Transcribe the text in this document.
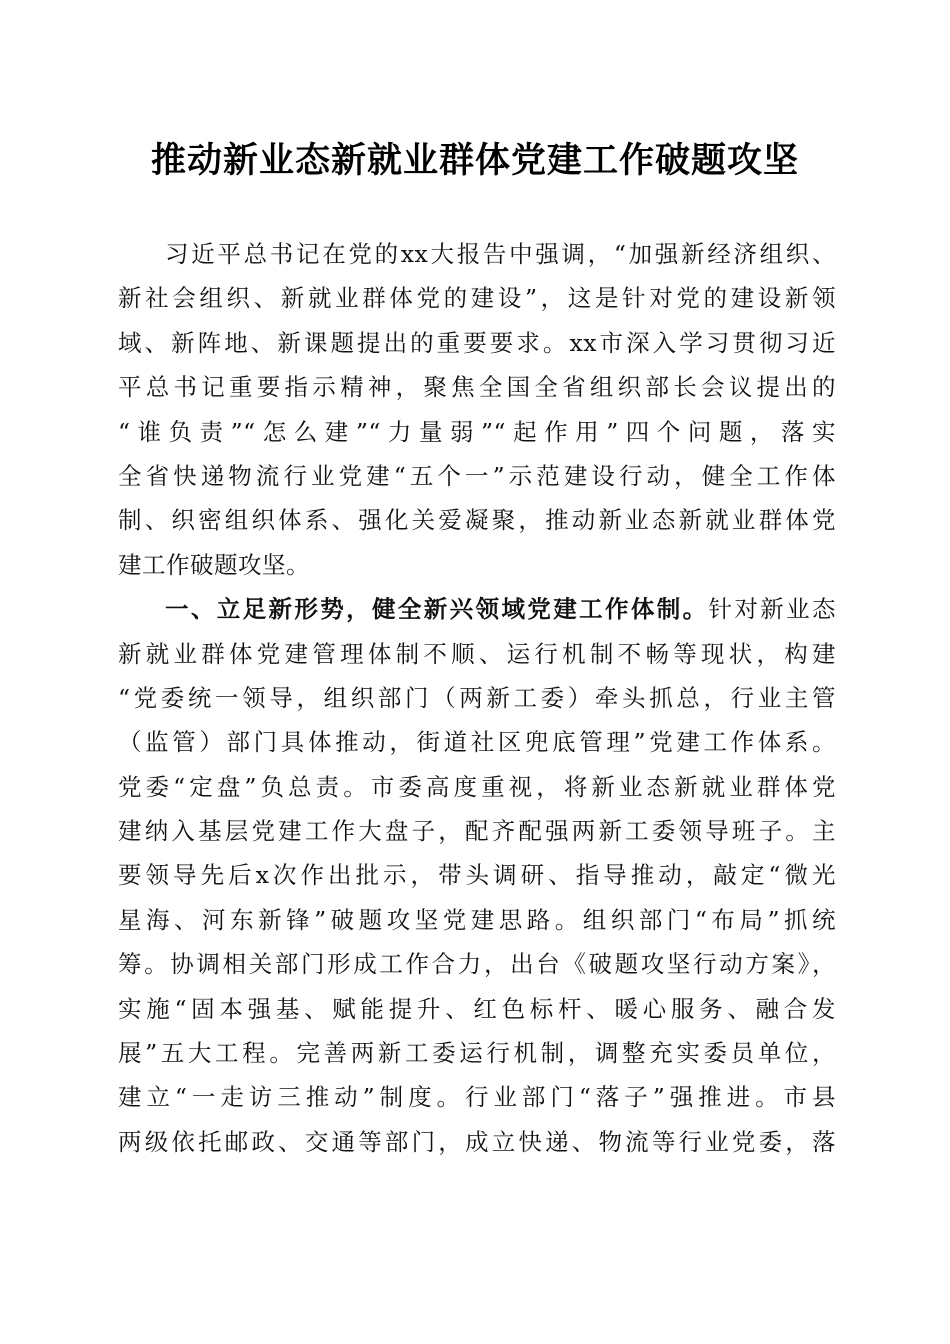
推动新业态新就业群体党建工作破题攻坚
习近平总书记在党的xx大报告中强调，“加强新经济组织、
新社会组织、新就业群体党的建设”，这是针对党的建设新领
域、新阵地、新课题提出的重要要求。xx市深入学习贯彻习近
平总书记重要指示精神，聚焦全国全省组织部长会议提出的
“谁负责”“怎么建”“力量弱”“起作用”四个问题，落实
全省快递物流行业党建“五个一”示范建设行动，健全工作体
制、织密组织体系、强化关爱凝聚，推动新业态新就业群体党
建工作破题攻坚。
一、立足新形势，健全新兴领域党建工作体制。针对新业态
新就业群体党建管理体制不顺、运行机制不畅等现状，构建
“党委统一领导，组织部门（两新工委）牵头抓总，行业主管
（监管）部门具体推动，街道社区兜底管理”党建工作体系。
党委“定盘”负总责。市委高度重视，将新业态新就业群体党
建纳入基层党建工作大盘子，配齐配强两新工委领导班子。主
要领导先后x次作出批示，带头调研、指导推动，敲定“微光
星海、河东新锋”破题攻坚党建思路。组织部门“布局”抓统
筹。协调相关部门形成工作合力，出台《破题攻坚行动方案》，
实施“固本强基、赋能提升、红色标杆、暖心服务、融合发
展”五大工程。完善两新工委运行机制，调整充实委员单位，
建立“一走访三推动”制度。行业部门“落子”强推进。市县
两级依托邮政、交通等部门，成立快递、物流等行业党委，落
